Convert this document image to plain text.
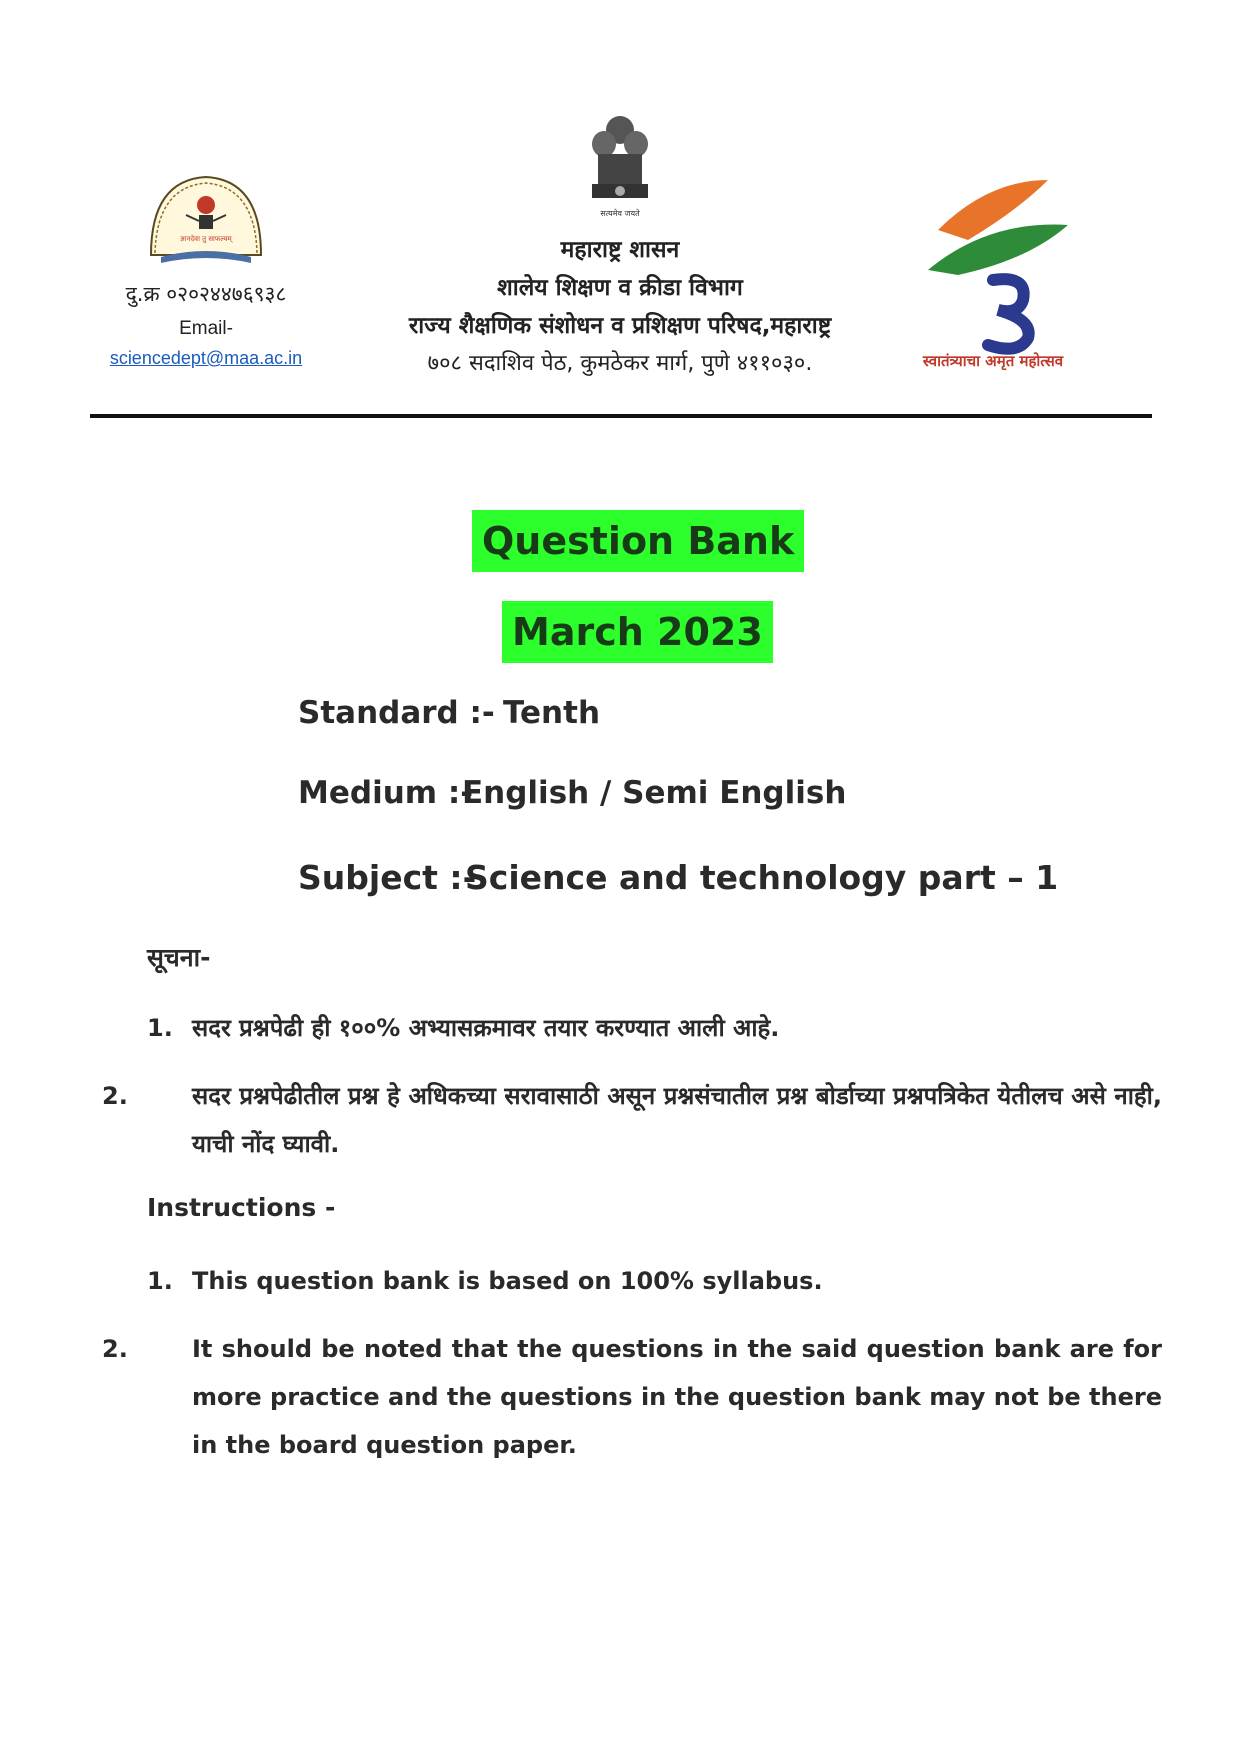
ज्ञानदेवा तु साफल्यम्
दु.क्र ०२०२४४७६९३८
Email-
sciencedept@maa.ac.in
सत्यमेव जयते
महाराष्ट्र शासन
शालेय शिक्षण व क्रीडा विभाग
राज्य शैक्षणिक संशोधन व प्रशिक्षण परिषद,महाराष्ट्र
७०८ सदाशिव पेठ, कुमठेकर मार्ग, पुणे ४११०३०.	स्वातंत्र्याचा अमृत महोत्सव
Question Bank
March 2023
Standard :- Tenth
Medium :-English / Semi English
Subject :-Science and technology part – 1
सूचना-
1. सदर प्रश्नपेढी ही १००% अभ्यासक्रमावर तयार करण्यात आली आहे.
2.	सदर प्रश्नपेढीतील प्रश्न हे अधिकच्या सरावासाठी असून प्रश्नसंचातील प्रश्न बोर्डाच्या प्रश्नपत्रिकेत येतीलच असे नाही, याची नोंद घ्यावी.
Instructions -
1. This question bank is based on 100% syllabus.
2.	It should be noted that the questions in the said question bank are for more practice and the questions in the question bank may not be there in the board question paper.
